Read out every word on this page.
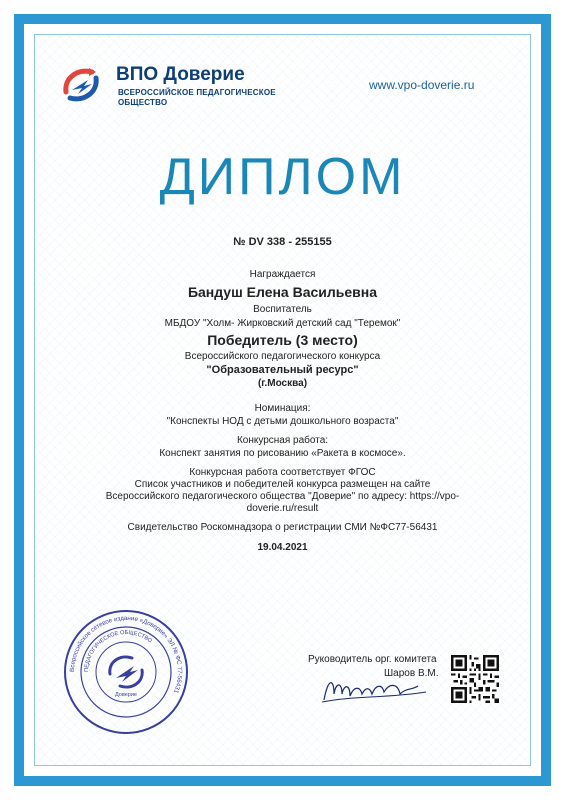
ВПО Доверие
ВСЕРОССИЙСКОЕ ПЕДАГОГИЧЕСКОЕ ОБЩЕСТВО
www.vpo-doverie.ru
ДИПЛОМ
№ DV 338 - 255155
Награждается
Бандуш Елена Васильевна
Воспитатель
МБДОУ "Холм- Жирковский детский сад "Теремок"
Победитель (3 место)
Всероссийского педагогического конкурса
"Образовательный ресурс"
(г.Москва)
Номинация:
"Конспекты НОД с детьми дошкольного возраста"
Конкурсная работа:
Конспект занятия по рисованию «Ракета в космосе».
Конкурсная работа соответствует ФГОС
Список участников и победителей конкурса размещен на сайте
Всероссийского педагогического общества "Доверие" по адресу: https://vpo-
doverie.ru/result
Свидетельство Роскомнадзора о регистрации СМИ №ФС77-56431
19.04.2021
Всероссийское сетевое издание «Доверие» ЭЛ № ФС 77-56431
ПЕДАГОГИЧЕСКОЕ ОБЩЕСТВО
Доверие
Руководитель орг. комитета
Шаров В.М.
